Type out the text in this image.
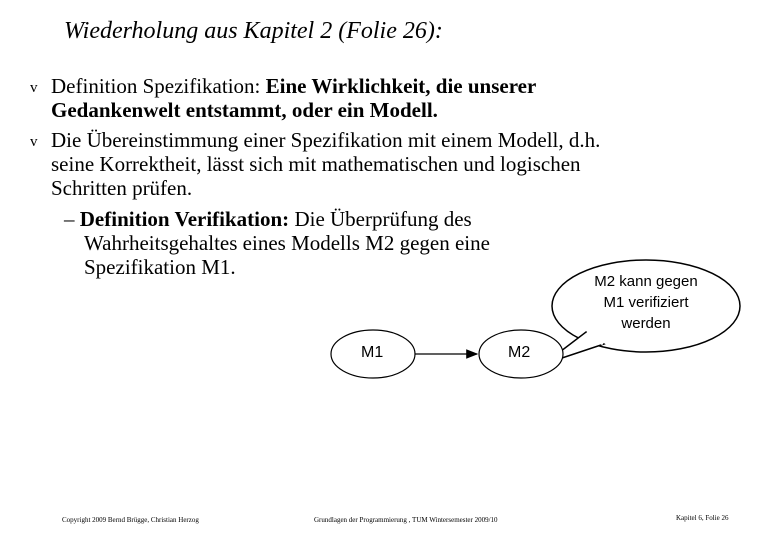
Wiederholung aus Kapitel 2 (Folie 26):
v Definition Spezifikation: Eine Wirklichkeit, die unserer
Gedankenwelt entstammt, oder ein Modell.
v Die Übereinstimmung einer Spezifikation mit einem Modell, d.h.
seine Korrektheit, lässt sich mit mathematischen und logischen
Schritten prüfen.
– Definition Verifikation: Die Überprüfung des
Wahrheitsgehaltes eines Modells M2 gegen eine
Spezifikation M1.
M2 kann gegen
M1 verifiziert
werden
M1	M2
Copyright 2009 Bernd Brügge, Christian Herzog	Grundlagen der Programmierung , TUM Wintersemester 2009/10	Kapitel 6, Folie 26
